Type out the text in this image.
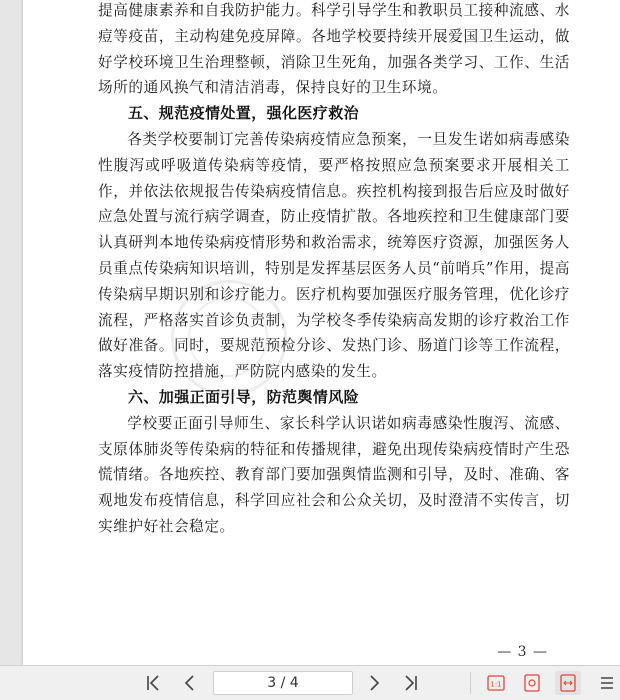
提高健康素养和自我防护能力。科学引导学生和教职员工接种流感、水痘等疫苗，主动构建免疫屏障。各地学校要持续开展爱国卫生运动，做好学校环境卫生治理整顿，消除卫生死角，加强各类学习、工作、生活场所的通风换气和清洁消毒，保持良好的卫生环境。

五、规范疫情处置，强化医疗救治

各类学校要制订完善传染病疫情应急预案，一旦发生诺如病毒感染性腹泻或呼吸道传染病等疫情，要严格按照应急预案要求开展相关工作，并依法依规报告传染病疫情信息。疾控机构接到报告后应及时做好应急处置与流行病学调查，防止疫情扩散。各地疾控和卫生健康部门要认真研判本地传染病疫情形势和救治需求，统筹医疗资源，加强医务人员重点传染病知识培训，特别是发挥基层医务人员“前哨兵”作用，提高传染病早期识别和诊疗能力。医疗机构要加强医疗服务管理，优化诊疗流程，严格落实首诊负责制，为学校冬季传染病高发期的诊疗救治工作做好准备。同时，要规范预检分诊、发热门诊、肠道门诊等工作流程，落实疫情防控措施，严防院内感染的发生。

六、加强正面引导，防范舆情风险

学校要正面引导师生、家长科学认识诺如病毒感染性腹泻、流感、支原体肺炎等传染病的特征和传播规律，避免出现传染病疫情时产生恐慌情绪。各地疾控、教育部门要加强舆情监测和引导，及时、准确、客观地发布疫情信息，科学回应社会和公众关切，及时澄清不实传言，切实维护好社会稳定。

— 3 —
3 / 4	1:1
